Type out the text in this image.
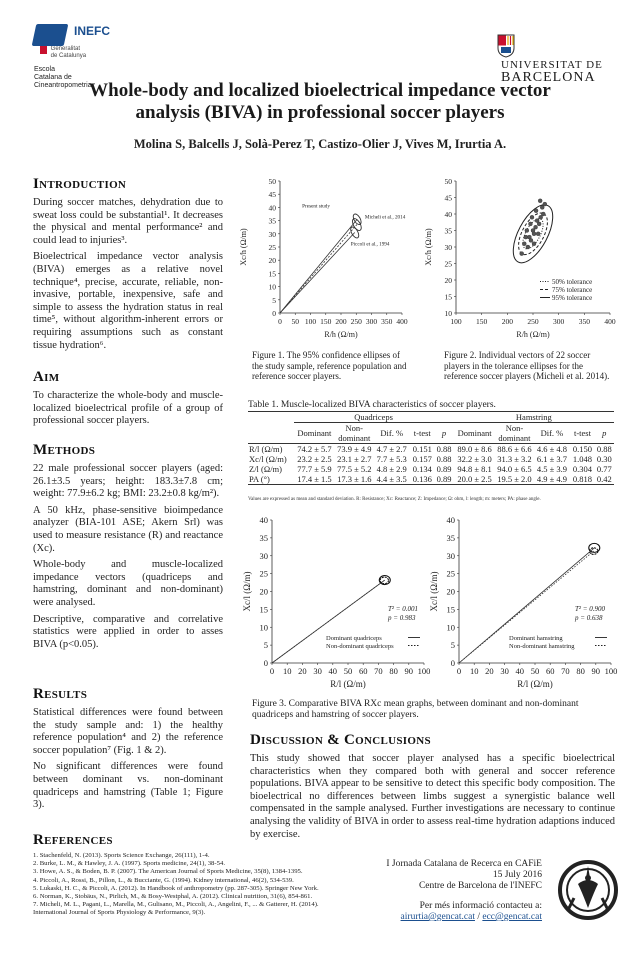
INEFC  Generalitat
de Catalunya
Escola
Catalana de
Cineantropometria
UNIVERSITAT DE
BARCELONA
Whole-body and localized bioelectrical impedance vector
analysis (BIVA) in professional soccer players
Molina S, Balcells J, Solà-Perez T, Castizo-Olier J, Vives M, Irurtia A.
Introduction

During soccer matches, dehydration due to sweat loss could be substantial¹. It decreases the physical and mental performance² and could lead to injuries³.

Bioelectrical impedance vector analysis (BIVA) emerges as a relative novel technique⁴, precise, accurate, reliable, non-invasive, portable, inexpensive, safe and simple to assess the hydration status in real time⁵, without algorithm-inherent errors or requiring assumptions such as constant tissue hydration⁶.

Aim

To characterize the whole-body and muscle-localized bioelectrical profile of a group of professional soccer players.

Methods

22 male professional soccer players (aged: 26.1±3.5 years; height: 183.3±7.8 cm; weight: 77.9±6.2 kg; BMI: 23.2±0.8 kg/m²).

A 50 kHz, phase-sensitive bioimpedance analyzer (BIA-101 ASE; Akern Srl) was used to measure resistance (R) and reactance (Xc).

Whole-body and muscle-localized impedance vectors (quadriceps and hamstring, dominant and non-dominant) were analysed.

Descriptive, comparative and correlative statistics were applied in order to asses BIVA (p<0.05).

Results

Statistical differences were found between the study sample and: 1) the healthy reference population⁴ and 2) the reference soccer population⁷ (Fig. 1 & 2).

No significant differences were found between dominant vs. non-dominant quadriceps and hamstring (Table 1; Figure 3).

References
1. Stachenfeld, N. (2013). Sports Science Exchange, 26(111), 1-4.
2. Burke, L. M., & Hawley, J. A. (1997). Sports medicine, 24(1), 38-54.
3. Howe, A. S., & Boden, B. P. (2007). The American Journal of Sports Medicine, 35(8), 1384-1395.
4. Piccoli, A., Rossi, B., Pillon, L., & Bucciante, G. (1994). Kidney international, 46(2), 534-539.
5. Lukaski, H. C., & Piccoli, A. (2012). In Handbook of anthropometry (pp. 287-305). Springer New York.
6. Norman, K., Stobäus, N., Pirlich, M., & Bosy-Westphal, A. (2012). Clinical nutrition, 31(6), 854-861.
7. Micheli, M. L., Pagani, L., Marella, M., Gulisano, M., Piccoli, A., Angelini, F., ... & Gatterer, H. (2014).
International Journal of Sports Physiology & Performance, 9(3).
0 50 100 150 200 250 300 350 400
0
5
10
15
20
25
30
35
40
45
50
R/h (Ω/m)
Xc/h (Ω/m)
Present study
Micheli et al., 2014
Piccoli et al., 1994
Figure 1. The 95% confidence ellipses of the study sample, reference population and reference soccer players.
100 150 200 250 300 350 400
10
15
20
25
30
35
40
45
50
R/h (Ω/m)
Xc/h (Ω/m)
50% tolerance
75% tolerance
95% tolerance
Figure 2. Individual vectors of 22 soccer players in the tolerance ellipses for the reference soccer players (Micheli et al. 2014).
Table 1. Muscle-localized BIVA characteristics of soccer players.
	Quadriceps					Hamstring				
	Dominant	Non-dominant	Dif. %	t-test	p	Dominant	Non-dominant	Dif. %	t-test	p
R/l (Ω/m)	74.2 ± 5.7	73.9 ± 4.9	4.7 ± 2.7	0.151	0.88	89.0 ± 8.6	88.6 ± 6.6	4.6 ± 4.8	0.150	0.88
Xc/l (Ω/m)	23.2 ± 2.5	23.1 ± 2.7	7.7 ± 5.3	0.157	0.88	32.2 ± 3.0	31.3 ± 3.2	6.1 ± 3.7	1.048	0.30
Z/l (Ω/m)	77.7 ± 5.9	77.5 ± 5.2	4.8 ± 2.9	0.134	0.89	94.8 ± 8.1	94.0 ± 6.5	4.5 ± 3.9	0.304	0.77
PA (°)	17.4 ± 1.5	17.3 ± 1.6	4.4 ± 3.5	0.136	0.89	20.0 ± 2.5	19.5 ± 2.0	4.9 ± 4.9	0.818	0.42
Values are expressed as mean and standard deviation. R: Resistance; Xc: Reactance; Z: Impedance; Ω: ohm, l: length; m: meters; PA: phase angle.
0 10 20 30 40 50 60 70 80 90 100
0
5
10
15
20
25
30
35
40
R/l (Ω/m)
Xc/l (Ω/m)
Dominant quadriceps
Non-dominant quadriceps
T² = 0.001
p = 0.983
0 10 20 30 40 50 60 70 80 90 100
0
5
10
15
20
25
30
35
40
R/l (Ω/m)
Xc/l (Ω/m)
Dominant hamstring
Non-dominant hamstring
T² = 0.900
p = 0.638
Figure 3. Comparative BIVA RXc mean graphs, between dominant and non-dominant quadriceps and hamstring of soccer players.
Discussion & Conclusions

This study showed that soccer player analysed has a specific bioelectrical characteristics when they compared both with general and soccer reference populations. BIVA appear to be sensitive to detect this specific body composition. The bioelectrical no differences between limbs suggest a synergistic balance well compensated in the sample analysed. Further investigations are necessary to continue analysing the validity of BIVA in order to assess real-time hydration adaptions induced by exercise.

I Jornada Catalana de Recerca en CAFiE
15 July 2016
Centre de Barcelona de l'INEFC
Per més informació contacteu a:
airurtia@gencat.cat / ecc@gencat.cat
